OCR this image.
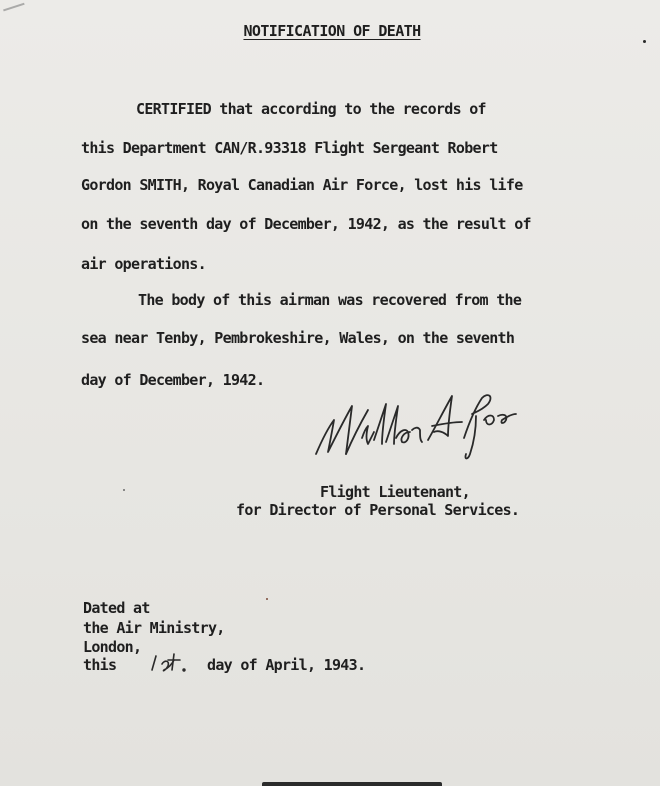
NOTIFICATION OF DEATH
CERTIFIED that according to the records of
this Department CAN/R.93318 Flight Sergeant Robert
Gordon SMITH, Royal Canadian Air Force, lost his life
on the seventh day of December, 1942, as the result of
air operations.
The body of this airman was recovered from the
sea near Tenby, Pembrokeshire, Wales, on the seventh
day of December, 1942.
Flight Lieutenant,
for Director of Personal Services.
Dated at
the Air Ministry,
London,
this	day of April, 1943.
